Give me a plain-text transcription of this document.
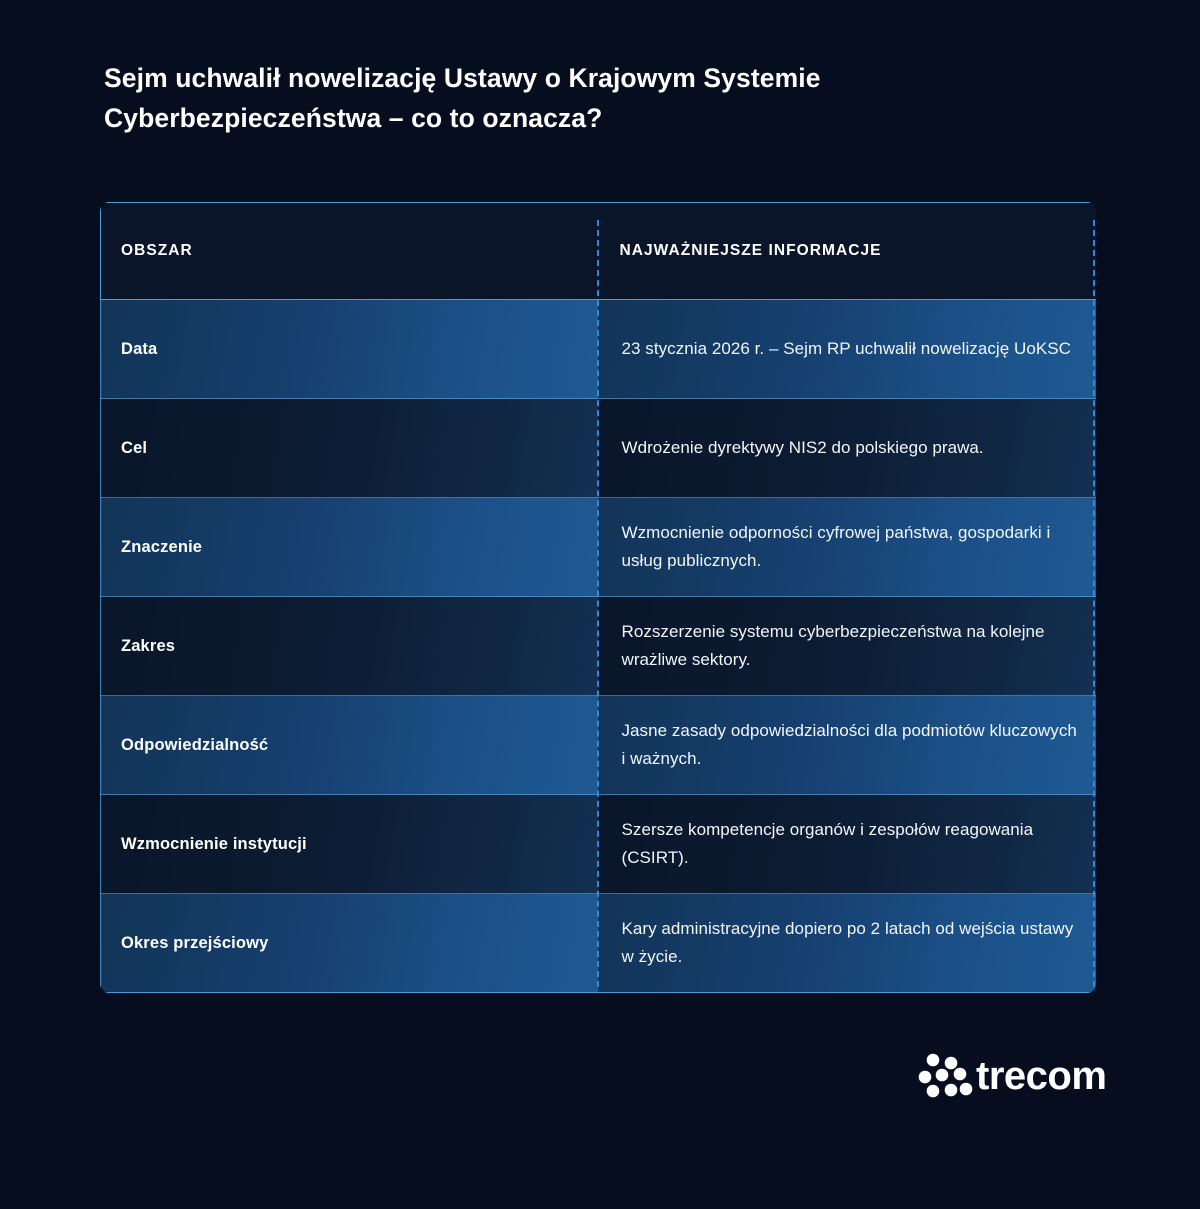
Sejm uchwalił nowelizację Ustawy o Krajowym Systemie Cyberbezpieczeństwa – co to oznacza?
OBSZAR	NAJWAŻNIEJSZE INFORMACJE

Data	23 stycznia 2026 r. – Sejm RP uchwalił nowelizację UoKSC

Cel	Wdrożenie dyrektywy NIS2 do polskiego prawa.

Znaczenie	Wzmocnienie odporności cyfrowej państwa, gospodarki i usług publicznych.

Zakres	Rozszerzenie systemu cyberbezpieczeństwa na kolejne wrażliwe sektory.

Odpowiedzialność	Jasne zasady odpowiedzialności dla podmiotów kluczowych i ważnych.

Wzmocnienie instytucji	Szersze kompetencje organów i zespołów reagowania (CSIRT).

Okres przejściowy	Kary administracyjne dopiero po 2 latach od wejścia ustawy w życie.
trecom
